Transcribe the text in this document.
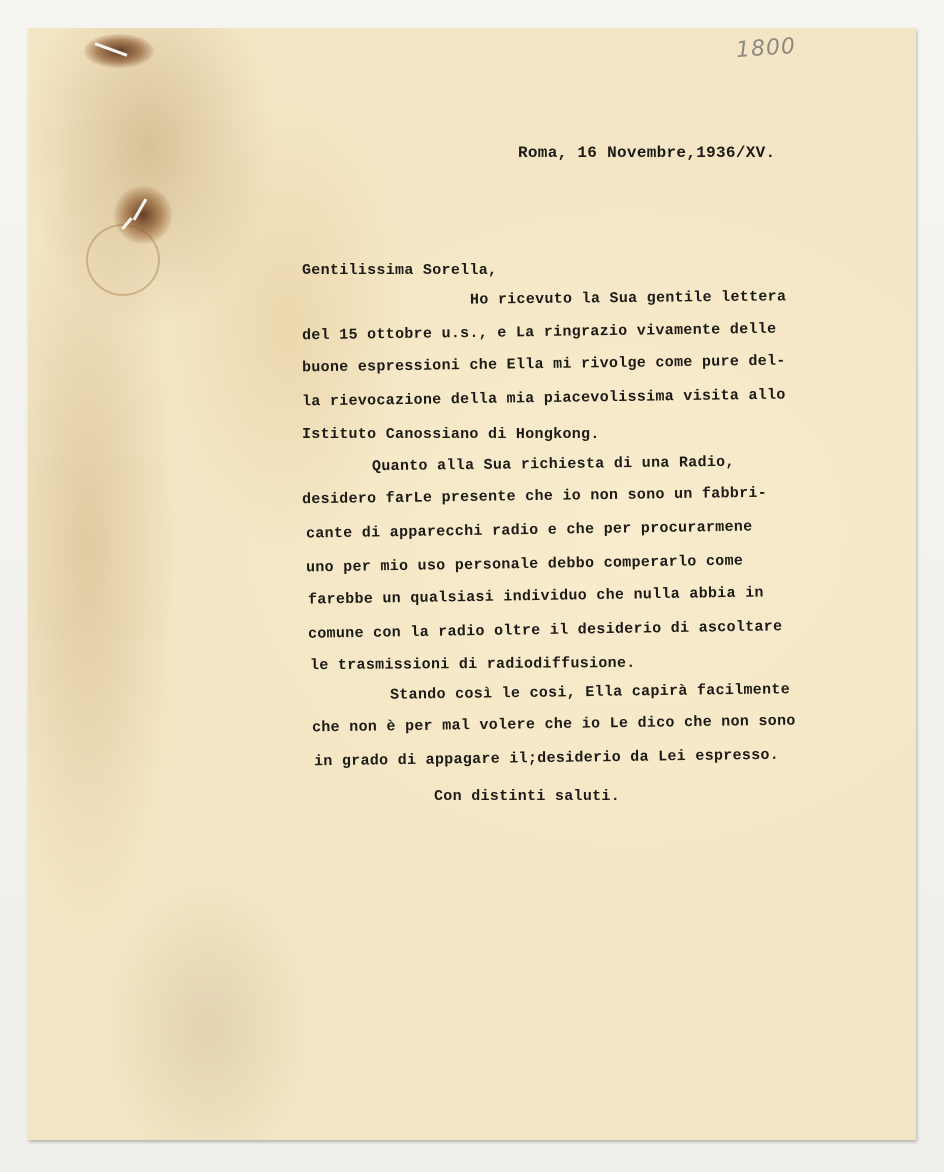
1800
Roma, 16 Novembre,1936/XV.
Gentilissima Sorella,
Ho ricevuto la Sua gentile lettera
del 15 ottobre u.s., e La ringrazio vivamente delle
buone espressioni che Ella mi rivolge come pure del-
la rievocazione della mia piacevolissima visita allo
Istituto Canossiano di Hongkong.
Quanto alla Sua richiesta di una Radio,
desidero farLe presente che io non sono un fabbri-
cante di apparecchi radio e che per procurarmene
uno per mio uso personale debbo comperarlo come
farebbe un qualsiasi individuo che nulla abbia in
comune con la radio oltre il desiderio di ascoltare
le trasmissioni di radiodiffusione.
Stando così le cosi, Ella capirà facilmente
che non è per mal volere che io Le dico che non sono
in grado di appagare il;desiderio da Lei espresso.
Con distinti saluti.
